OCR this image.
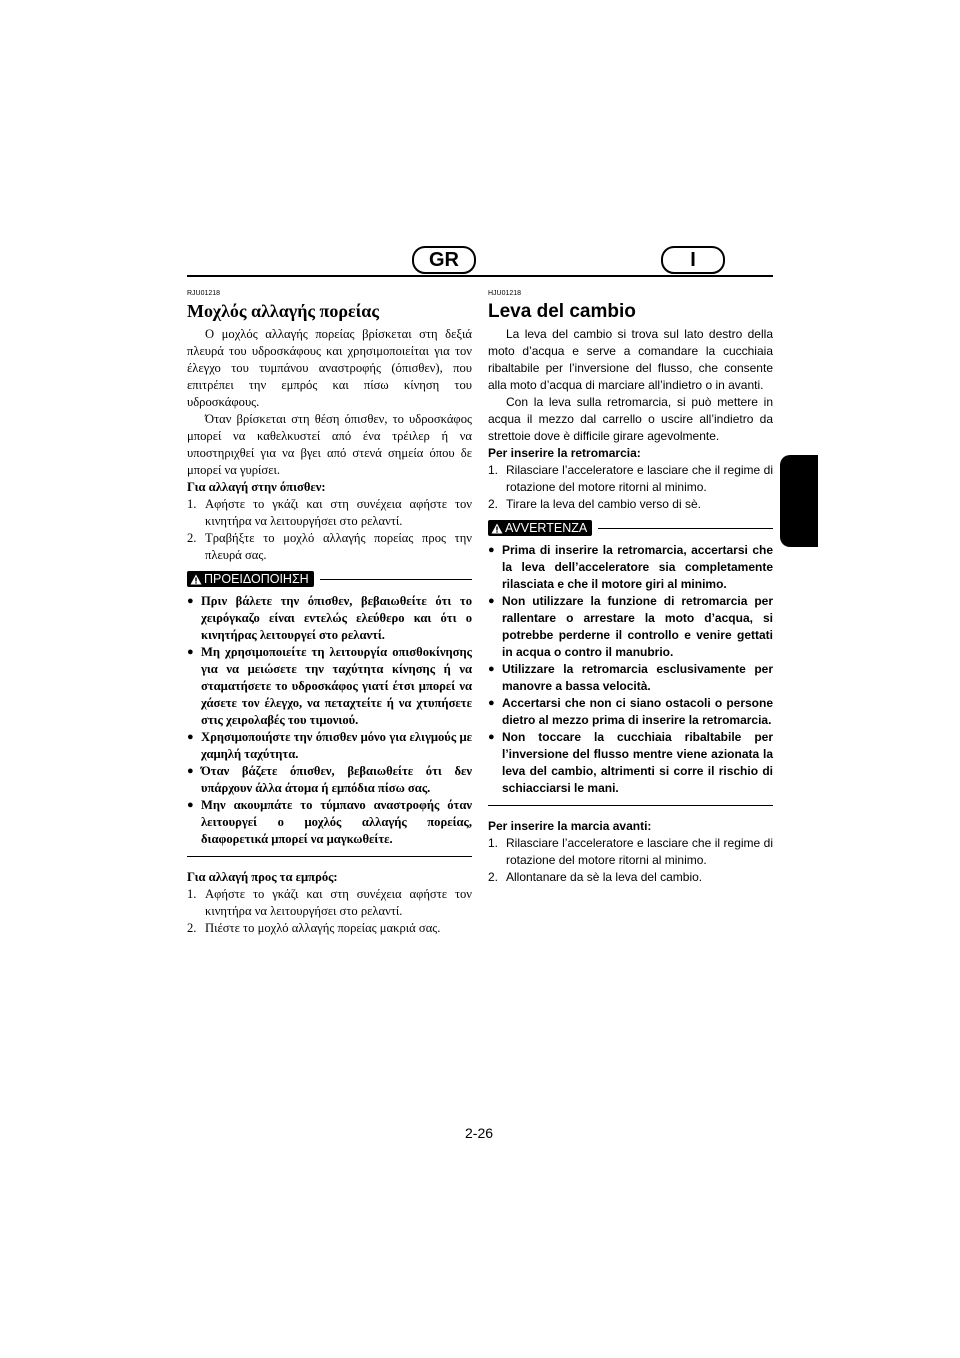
GR	I
RJU01218
Μοχλός αλλαγής πορείας

Ο μοχλός αλλαγής πορείας βρίσκεται στη δεξιά πλευρά του υδροσκάφους και χρησιμοποιείται για τον έλεγχο του τυμπάνου αναστροφής (όπισθεν), που επιτρέπει την εμπρός και πίσω κίνηση του υδροσκάφους.

Όταν βρίσκεται στη θέση όπισθεν, το υδροσκάφος μπορεί να καθελκυστεί από ένα τρέιλερ ή να υποστηριχθεί για να βγει από στενά σημεία όπου δε μπορεί να γυρίσει.

Για αλλαγή στην όπισθεν:

1. Αφήστε το γκάζι και στη συνέχεια αφήστε τον κινητήρα να λειτουργήσει στο ρελαντί.
2. Τραβήξτε το μοχλό αλλαγής πορείας προς την πλευρά σας.
ΠΡΟΕΙΔΟΠΟΙΗΣΗ
● Πριν βάλετε την όπισθεν, βεβαιωθείτε ότι το χειρόγκαζο είναι εντελώς ελεύθερο και ότι ο κινητήρας λειτουργεί στο ρελαντί.
● Μη χρησιμοποιείτε τη λειτουργία οπισθοκίνησης για να μειώσετε την ταχύτητα κίνησης ή να σταματήσετε το υδροσκάφος γιατί έτσι μπορεί να χάσετε τον έλεγχο, να πεταχτείτε ή να χτυπήσετε στις χειρολαβές του τιμονιού.
● Χρησιμοποιήστε την όπισθεν μόνο για ελιγμούς με χαμηλή ταχύτητα.
● Όταν βάζετε όπισθεν, βεβαιωθείτε ότι δεν υπάρχουν άλλα άτομα ή εμπόδια πίσω σας.
● Μην ακουμπάτε το τύμπανο αναστροφής όταν λειτουργεί ο μοχλός αλλαγής πορείας, διαφορετικά μπορεί να μαγκωθείτε.

Για αλλαγή προς τα εμπρός:

1. Αφήστε το γκάζι και στη συνέχεια αφήστε τον κινητήρα να λειτουργήσει στο ρελαντί.
2. Πιέστε το μοχλό αλλαγής πορείας μακριά σας.
HJU01218
Leva del cambio

La leva del cambio si trova sul lato destro della moto d’acqua e serve a comandare la cucchiaia ribaltabile per l’inversione del flusso, che consente alla moto d’acqua di marciare all’indietro o in avanti.

Con la leva sulla retromarcia, si può mettere in acqua il mezzo dal carrello o uscire all’indietro da strettoie dove è difficile girare agevolmente.

Per inserire la retromarcia:

1. Rilasciare l’acceleratore e lasciare che il regime di rotazione del motore ritorni al minimo.
2. Tirare la leva del cambio verso di sè.
AVVERTENZA
● Prima di inserire la retromarcia, accertarsi che la leva dell’acceleratore sia completamente rilasciata e che il motore giri al minimo.
● Non utilizzare la funzione di retromarcia per rallentare o arrestare la moto d’acqua, si potrebbe perderne il controllo e venire gettati in acqua o contro il manubrio.
● Utilizzare la retromarcia esclusivamente per manovre a bassa velocità.
● Accertarsi che non ci siano ostacoli o persone dietro al mezzo prima di inserire la retromarcia.
● Non toccare la cucchiaia ribaltabile per l’inversione del flusso mentre viene azionata la leva del cambio, altrimenti si corre il rischio di schiacciarsi le mani.

Per inserire la marcia avanti:

1. Rilasciare l’acceleratore e lasciare che il regime di rotazione del motore ritorni al minimo.
2. Allontanare da sè la leva del cambio.
2-26
